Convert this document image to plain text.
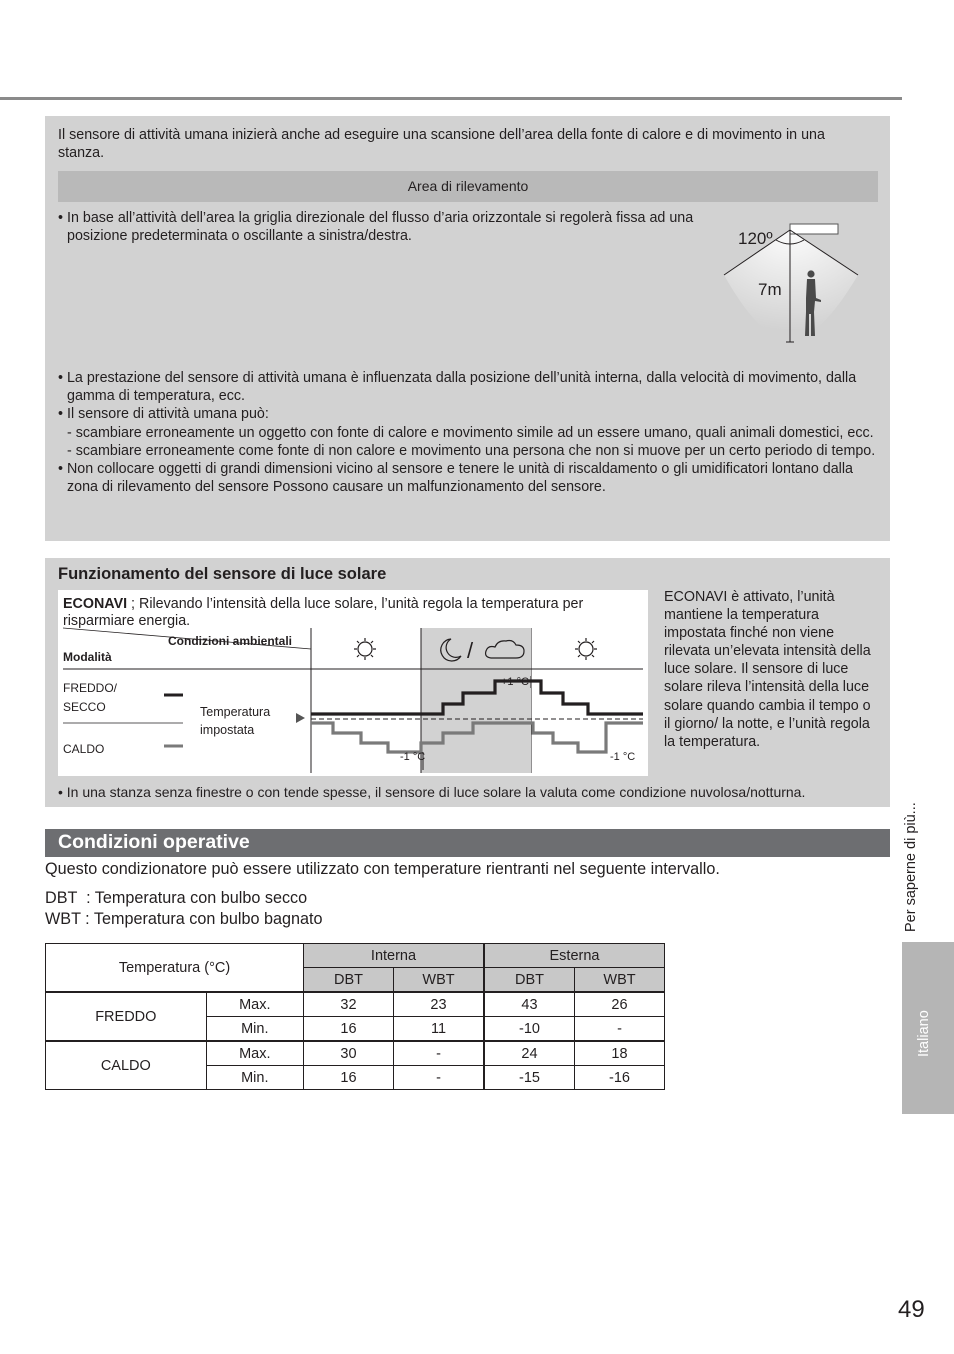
Il sensore di attività umana inizierà anche ad eseguire una scansione dell’area della fonte di calore e di movimento in una stanza.
Area di rilevamento
• In base all’attività dell’area la griglia direzionale del flusso d’aria orizzontale si regolerà fissa ad una posizione predeterminata o oscillante a sinistra/destra.	120º
7m
• La prestazione del sensore di attività umana è influenzata dalla posizione dell’unità interna, dalla velocità di movimento, dalla gamma di temperatura, ecc.
• Il sensore di attività umana può:
- scambiare erroneamente un oggetto con fonte di calore e movimento simile ad un essere umano, quali animali domestici, ecc.
- scambiare erroneamente come fonte di non calore e movimento una persona che non si muove per un certo periodo di tempo.
• Non collocare oggetti di grandi dimensioni vicino al sensore e tenere le unità di riscaldamento o gli umidificatori lontano dalla zona di rilevamento del sensore Possono causare un malfunzionamento del sensore.
Funzionamento del sensore di luce solare
ECONAVI ; Rilevando l’intensità della luce solare, l’unità regola la temperatura per risparmiare energia.
Condizioni ambientali
Modalità	/
FREDDO/
SECCO
CALDO
Temperatura
impostata
+1 °C
-1 °C	-1 °C
ECONAVI è attivato, l’unità mantiene la temperatura impostata finché non viene rilevata un’elevata intensità della luce solare. Il sensore di luce solare rileva l’intensità della luce solare quando cambia il tempo o il giorno/ la notte, e l’unità regola la temperatura.
• In una stanza senza finestre o con tende spesse, il sensore di luce solare la valuta come condizione nuvolosa/notturna.
Condizioni operative
Questo condizionatore può essere utilizzato con temperature rientranti nel seguente intervallo.
DBT  : Temperatura con bulbo secco
WBT : Temperatura con bulbo bagnato
Temperatura (°C)		Interna		Esterna	
		DBT	WBT	DBT	WBT
FREDDO	Max.	32	23	43	26
	Min.	16	11	-10	-
CALDO	Max.	30	-	24	18
	Min.	16	-	-15	-16
Per saperne di più...
Italiano
49
